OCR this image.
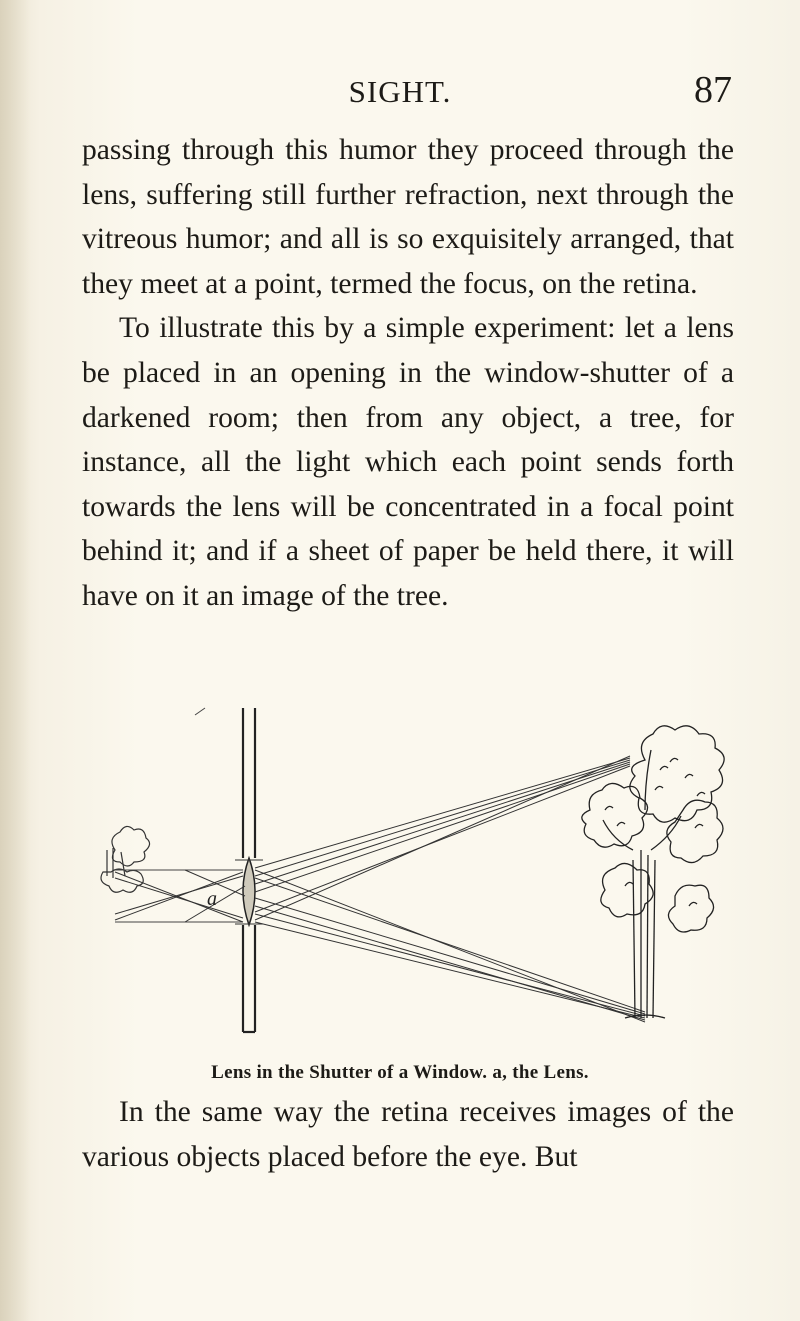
SIGHT.	87

passing through this humor they proceed through the lens, suffering still further refraction, next through the vitreous humor; and all is so exquisitely arranged, that they meet at a point, termed the focus, on the retina.

To illustrate this by a simple experiment: let a lens be placed in an opening in the window-shutter of a darkened room; then from any object, a tree, for instance, all the light which each point sends forth towards the lens will be concentrated in a focal point behind it; and if a sheet of paper be held there, it will have on it an image of the tree.

a
Lens in the Shutter of a Window. a, the Lens.

In the same way the retina receives images of the various objects placed before the eye. But
